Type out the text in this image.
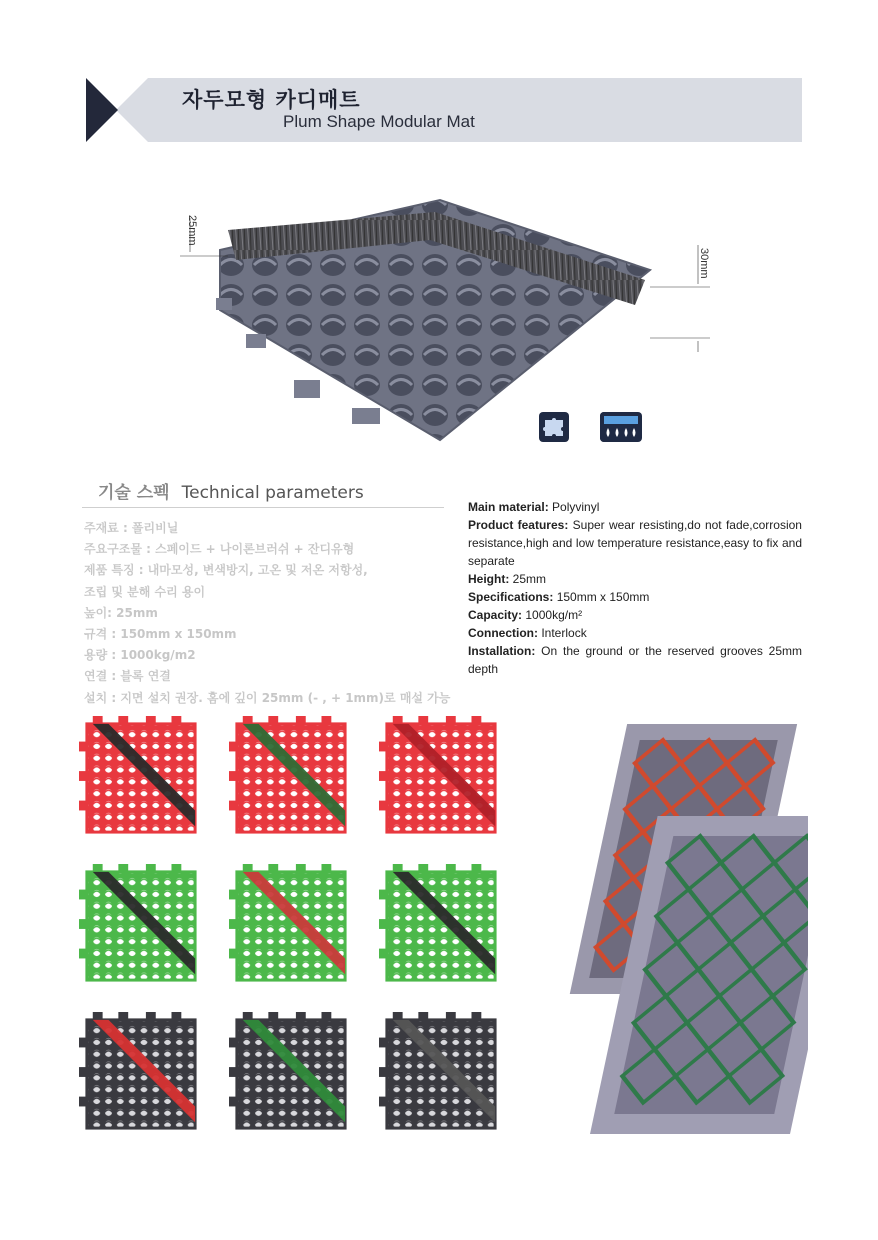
자두모형 카디매트
Plum Shape Modular Mat
25mm
30mm
기술 스펙 Technical parameters
주재료 : 폴리비닐
주요구조물 : 스페이드 + 나이론브러쉬 + 잔디유형
제품 특징 : 내마모성, 변색방지, 고온 및 저온 저항성,
조립 및 분해 수리 용이
높이: 25mm
규격 : 150mm x 150mm
용량 : 1000kg/m2
연결 : 블록 연결
설치 : 지면 설치 권장. 홈에 깊이 25mm (- , + 1mm)로 매설 가능
Main material: Polyvinyl
Product features: Super wear resisting,do not fade,corrosion resistance,high and low temperature resistance,easy to fix and separate
Height: 25mm
Specifications: 150mm x 150mm
Capacity: 1000kg/m²
Connection: Interlock
Installation: On the ground or the reserved grooves 25mm depth
